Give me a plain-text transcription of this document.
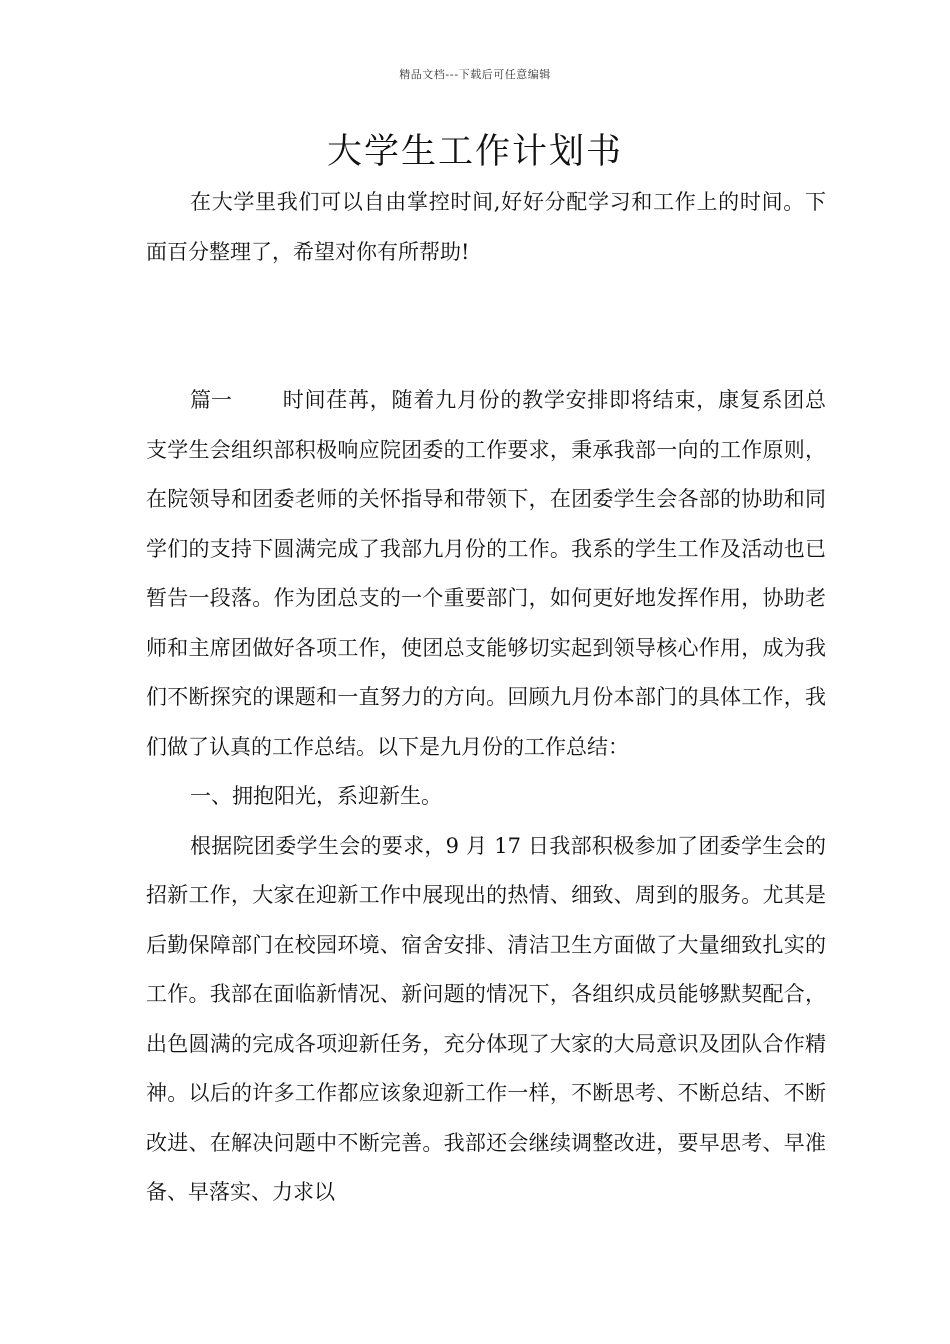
精品文档---下载后可任意编辑
大学生工作计划书

在大学里我们可以自由掌控时间,好好分配学习和工作上的时间。下面百分整理了，希望对你有所帮助!

篇一 时间荏苒，随着九月份的教学安排即将结束，康复系团总支学生会组织部积极响应院团委的工作要求，秉承我部一向的工作原则，在院领导和团委老师的关怀指导和带领下，在团委学生会各部的协助和同学们的支持下圆满完成了我部九月份的工作。我系的学生工作及活动也已暂告一段落。作为团总支的一个重要部门，如何更好地发挥作用，协助老师和主席团做好各项工作，使团总支能够切实起到领导核心作用，成为我们不断探究的课题和一直努力的方向。回顾九月份本部门的具体工作，我们做了认真的工作总结。以下是九月份的工作总结：

一、拥抱阳光，系迎新生。

根据院团委学生会的要求，9 月 17 日我部积极参加了团委学生会的招新工作，大家在迎新工作中展现出的热情、细致、周到的服务。尤其是后勤保障部门在校园环境、宿舍安排、清洁卫生方面做了大量细致扎实的工作。我部在面临新情况、新问题的情况下，各组织成员能够默契配合，出色圆满的完成各项迎新任务，充分体现了大家的大局意识及团队合作精神。以后的许多工作都应该象迎新工作一样，不断思考、不断总结、不断改进、在解决问题中不断完善。我部还会继续调整改进，要早思考、早准备、早落实、力求以
